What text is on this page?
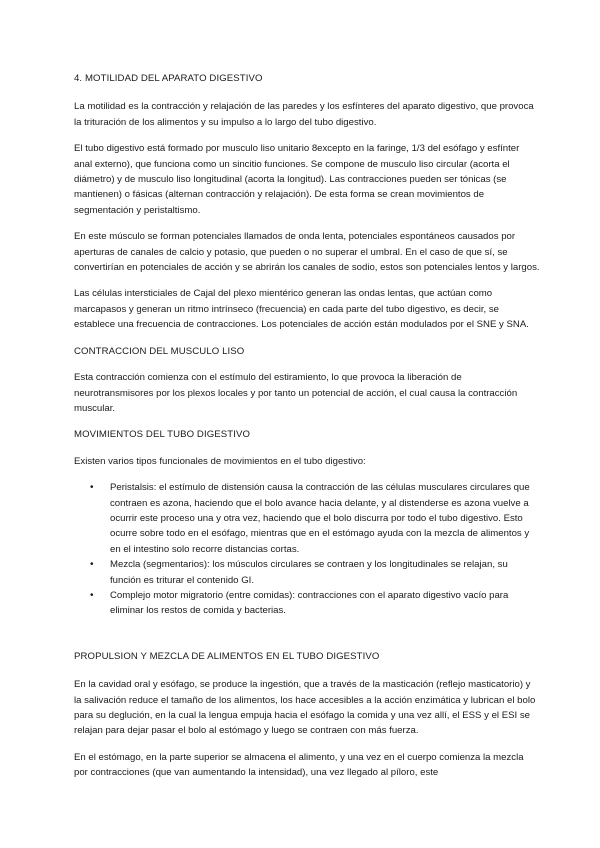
4. MOTILIDAD DEL APARATO DIGESTIVO

La motilidad es la contracción y relajación de las paredes y los esfínteres del aparato digestivo, que provoca la trituración de los alimentos y su impulso a lo largo del tubo digestivo.

El tubo digestivo está formado por musculo liso unitario 8excepto en la faringe, 1/3 del esófago y esfínter anal externo), que funciona como un sincitio funciones. Se compone de musculo liso circular (acorta el diámetro) y de musculo liso longitudinal (acorta la longitud). Las contracciones pueden ser tónicas (se mantienen) o fásicas (alternan contracción y relajación). De esta forma se crean movimientos de segmentación y peristaltismo.

En este músculo se forman potenciales llamados de onda lenta, potenciales espontáneos causados por aperturas de canales de calcio y potasio, que pueden o no superar el umbral. En el caso de que sí, se convertirían en potenciales de acción y se abrirán los canales de sodio, estos son potenciales lentos y largos.

Las células intersticiales de Cajal del plexo mientérico generan las ondas lentas, que actúan como marcapasos y generan un ritmo intrínseco (frecuencia) en cada parte del tubo digestivo, es decir, se establece una frecuencia de contracciones. Los potenciales de acción están modulados por el SNE y SNA.

CONTRACCION DEL MUSCULO LISO

Esta contracción comienza con el estímulo del estiramiento, lo que provoca la liberación de neurotransmisores por los plexos locales y por tanto un potencial de acción, el cual causa la contracción muscular.

MOVIMIENTOS DEL TUBO DIGESTIVO

Existen varios tipos funcionales de movimientos en el tubo digestivo:

• Peristalsis: el estímulo de distensión causa la contracción de las células musculares circulares que contraen es azona, haciendo que el bolo avance hacia delante, y al distenderse es azona vuelve a ocurrir este proceso una y otra vez, haciendo que el bolo discurra por todo el tubo digestivo. Esto ocurre sobre todo en el esófago, mientras que en el estómago ayuda con la mezcla de alimentos y en el intestino solo recorre distancias cortas.
• Mezcla (segmentarios): los músculos circulares se contraen y los longitudinales se relajan, su función es triturar el contenido GI.
• Complejo motor migratorio (entre comidas): contracciones con el aparato digestivo vacío para eliminar los restos de comida y bacterias.

PROPULSION Y MEZCLA DE ALIMENTOS EN EL TUBO DIGESTIVO

En la cavidad oral y esófago, se produce la ingestión, que a través de la masticación (reflejo masticatorio) y la salivación reduce el tamaño de los alimentos, los hace accesibles a la acción enzimática y lubrican el bolo para su deglución, en la cual la lengua empuja hacia el esófago la comida y una vez allí, el ESS y el ESI se relajan para dejar pasar el bolo al estómago y luego se contraen con más fuerza.

En el estómago, en la parte superior se almacena el alimento, y una vez en el cuerpo comienza la mezcla por contracciones (que van aumentando la intensidad), una vez llegado al píloro, este
